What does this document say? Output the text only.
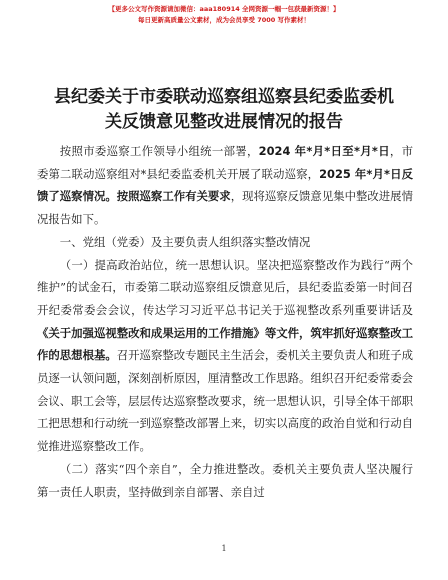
【更多公文写作资源请加微信：aaa180914 全网资源一帼一包获最新资源！】
每日更新高质量公文素材，成为会员享受 7000 写作素材！
县纪委关于市委联动巡察组巡察县纪委监委机
关反馈意见整改进展情况的报告

按照市委巡察工作领导小组统一部署，2024 年*月*日至*月*日，市委第二联动巡察组对*县纪委监委机关开展了联动巡察，2025 年*月*日反馈了巡察情况。按照巡察工作有关要求，现将巡察反馈意见集中整改进展情况报告如下。

一、党组（党委）及主要负责人组织落实整改情况

（一）提高政治站位，统一思想认识。坚决把巡察整改作为践行“两个维护”的试金石，市委第二联动巡察组反馈意见后，县纪委监委第一时间召开纪委常委会会议，传达学习习近平总书记关于巡视整改系列重要讲话及《关于加强巡视整改和成果运用的工作措施》等文件，筑牢抓好巡察整改工作的思想根基。召开巡察整改专题民主生活会，委机关主要负责人和班子成员逐一认领问题，深刻剖析原因，厘清整改工作思路。组织召开纪委常委会会议、职工会等，层层传达巡察整改要求，统一思想认识，引导全体干部职工把思想和行动统一到巡察整改部署上来，切实以高度的政治自觉和行动自觉推进巡察整改工作。

（二）落实“四个亲自”，全力推进整改。委机关主要负责人坚决履行第一责任人职责，坚持做到亲自部署、亲自过

1
